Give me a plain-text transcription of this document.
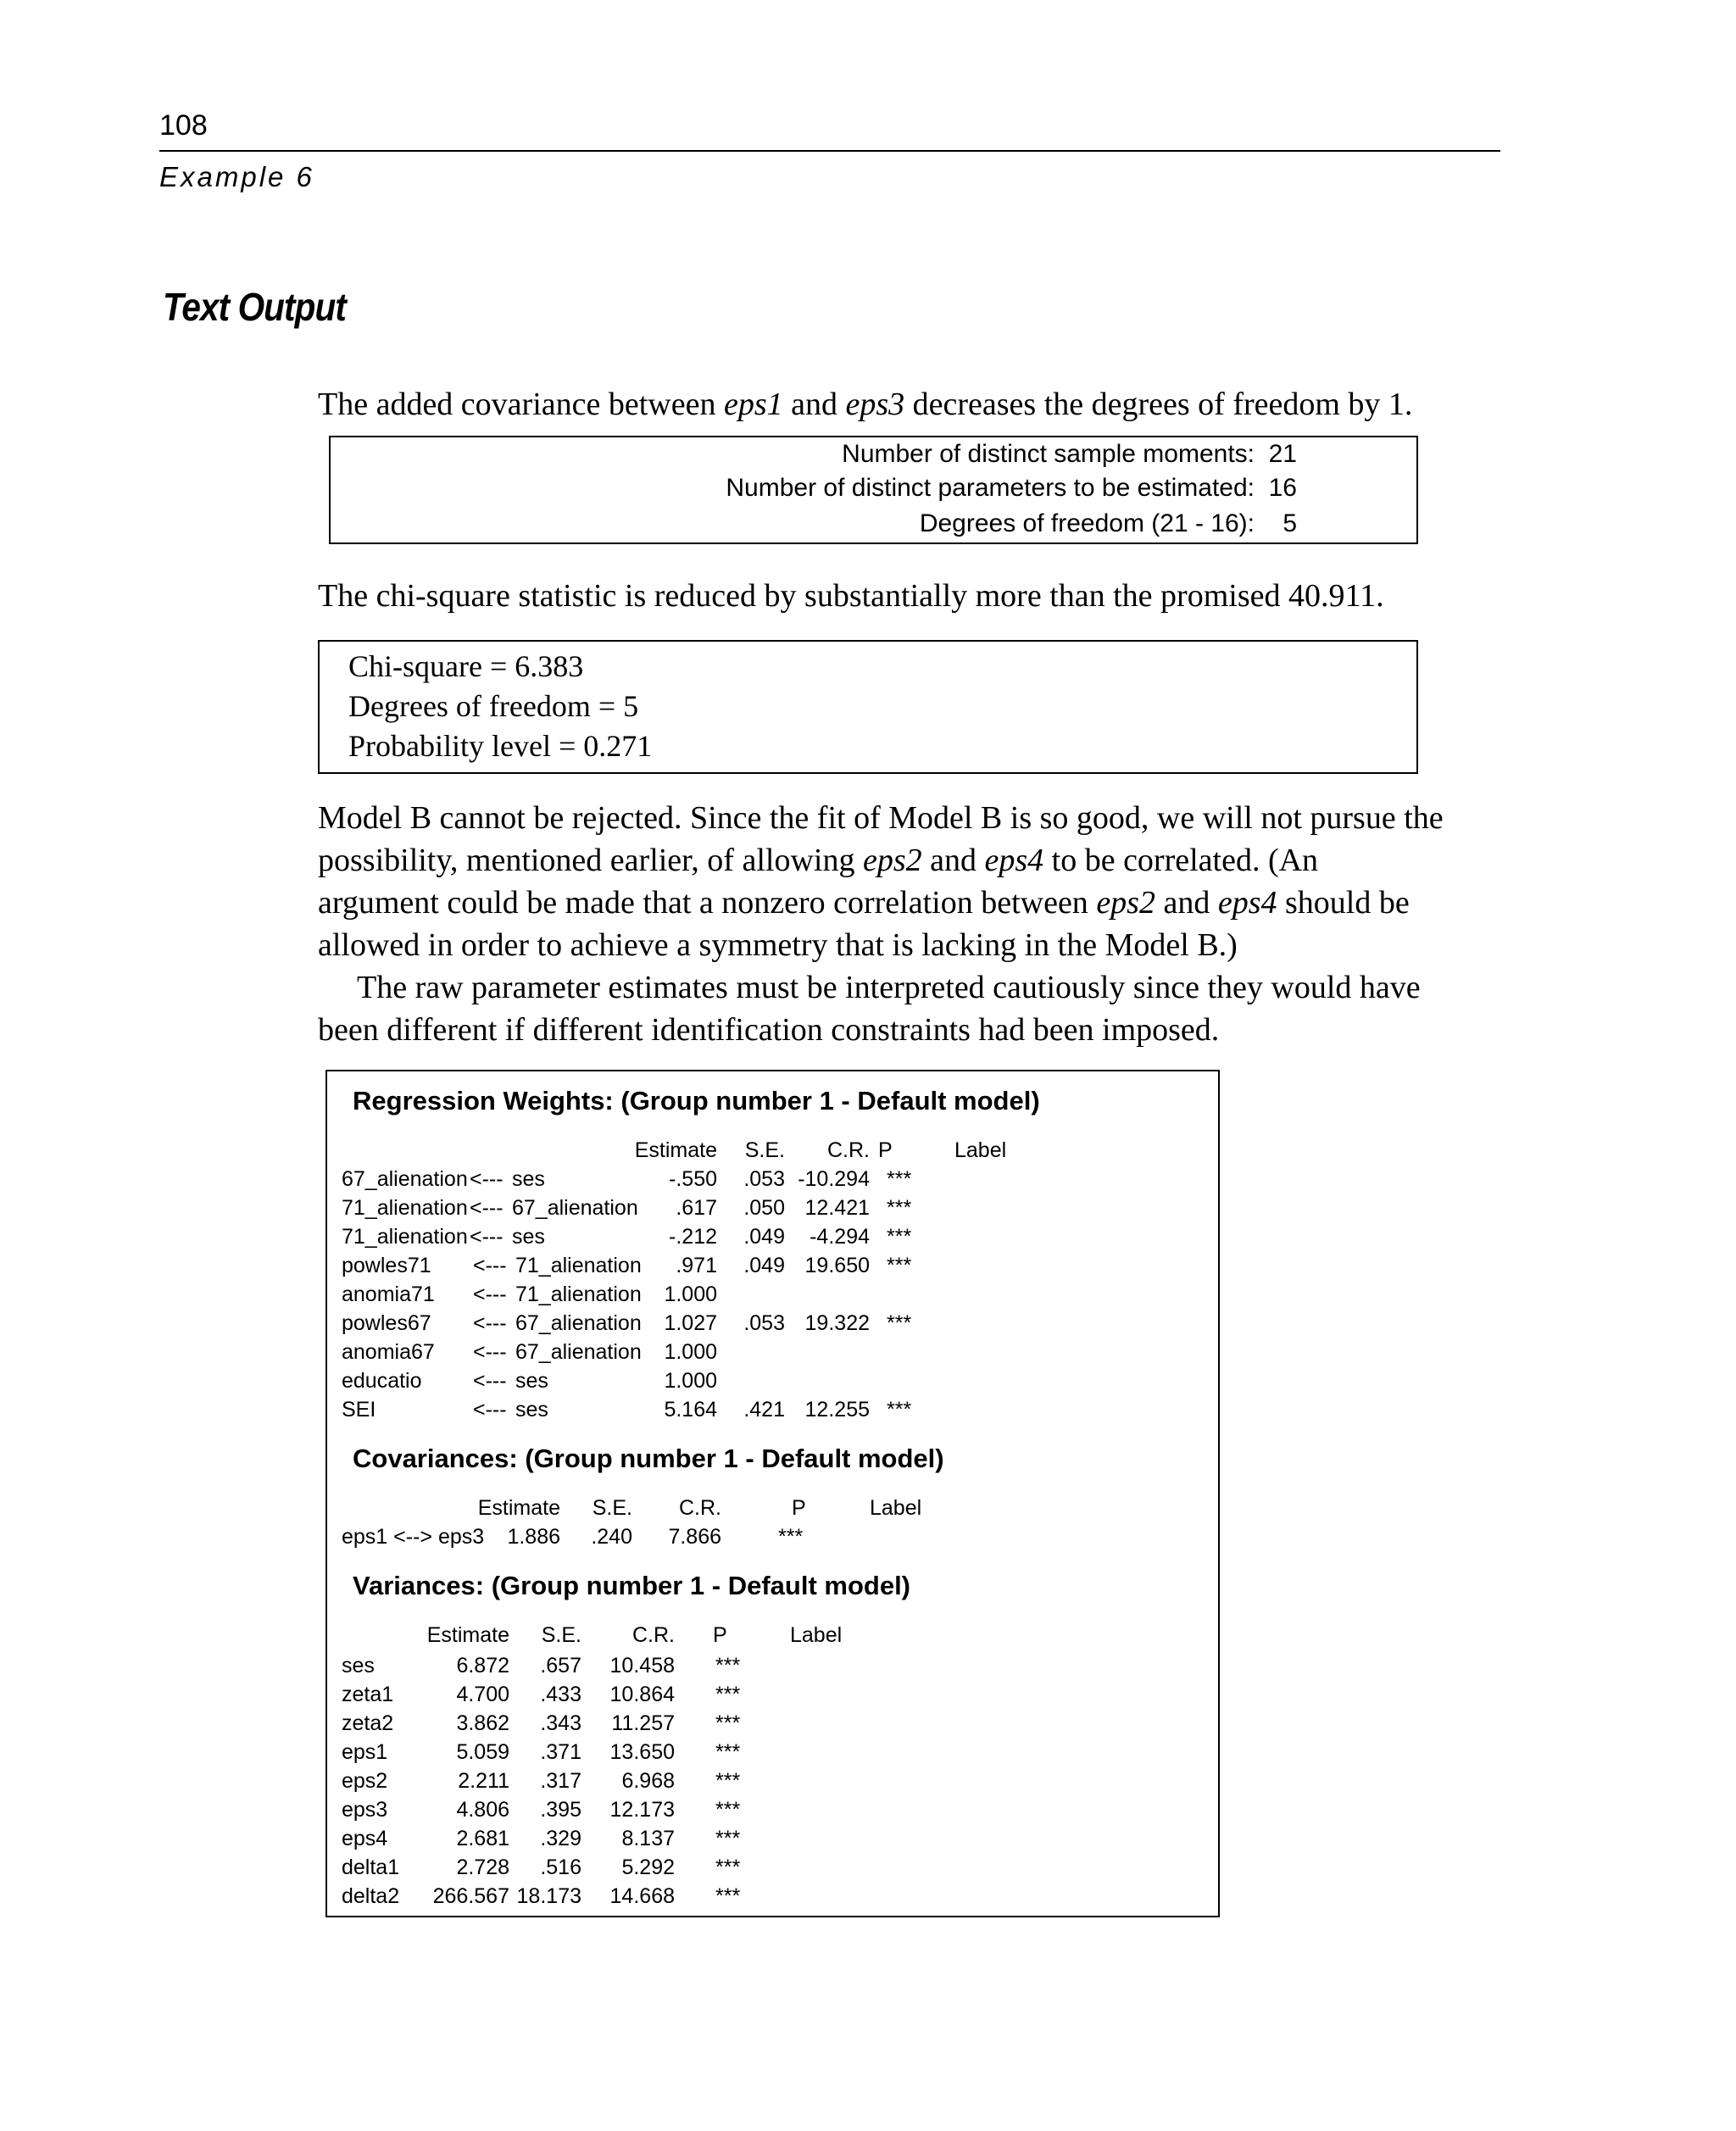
108
Example 6
Text Output
The added covariance between eps1 and eps3 decreases the degrees of freedom by 1.
Number of distinct sample moments: 21
Number of distinct parameters to be estimated: 16
Degrees of freedom (21 - 16):	5
The chi-square statistic is reduced by substantially more than the promised 40.911.
Chi-square = 6.383
Degrees of freedom = 5
Probability level = 0.271
Model B cannot be rejected. Since the fit of Model B is so good, we will not pursue the
possibility, mentioned earlier, of allowing eps2 and eps4 to be correlated. (An
argument could be made that a nonzero correlation between eps2 and eps4 should be
allowed in order to achieve a symmetry that is lacking in the Model B.)
The raw parameter estimates must be interpreted cautiously since they would have
been different if different identification constraints had been imposed.
Regression Weights: (Group number 1 - Default model)
Estimate	S.E.	C.R. P	Label
67_alienation <--- ses	-.550	.053 -10.294 ***
71_alienation <--- 67_alienation	.617	.050 12.421 ***
71_alienation <--- ses	-.212	.049	-4.294 ***
powles71 <--- 71_alienation	.971	.049 19.650 ***
anomia71 <--- 71_alienation	1.000
powles67 <--- 67_alienation	1.027	.053 19.322 ***
anomia67 <--- 67_alienation	1.000
educatio <--- ses	1.000
SEI	<--- ses	5.164	.421 12.255 ***
Covariances: (Group number 1 - Default model)
Estimate	S.E.	C.R.	P	Label
eps1 <--> eps3	1.886	.240	7.866	***
Variances: (Group number 1 - Default model)
Estimate	S.E.	C.R. P	Label
ses	6.872	.657	10.458 ***
zeta1	4.700	.433	10.864 ***
zeta2	3.862	.343	11.257 ***
eps1	5.059	.371	13.650 ***
eps2	2.211	.317	6.968 ***
eps3	4.806	.395	12.173 ***
eps4	2.681	.329	8.137 ***
delta1	2.728	.516	5.292 ***
delta2	266.567 18.173	14.668 ***
